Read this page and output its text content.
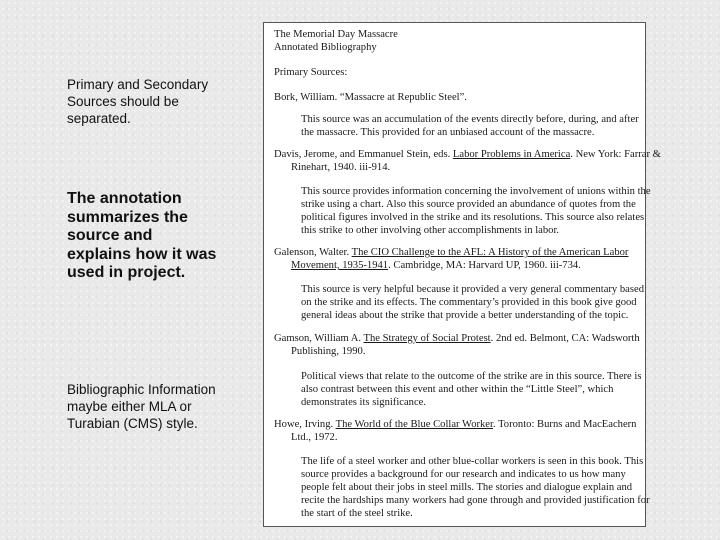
Primary and Secondary Sources should be separated.
The annotation summarizes the source and explains how it was used in project.
Bibliographic Information maybe either MLA or Turabian (CMS) style.
The Memorial Day Massacre
Annotated Bibliography
Primary Sources:
Bork, William. “Massacre at Republic Steel”.
This source was an accumulation of the events directly before, during, and after
the massacre. This provided for an unbiased account of the massacre.
Davis, Jerome, and Emmanuel Stein, eds. Labor Problems in America. New York: Farrar &
Rinehart, 1940. iii-914.
This source provides information concerning the involvement of unions within the
strike using a chart. Also this source provided an abundance of quotes from the
political figures involved in the strike and its resolutions. This source also relates
this strike to other involving other accomplishments in labor.
Galenson, Walter. The CIO Challenge to the AFL: A History of the American Labor
Movement, 1935-1941. Cambridge, MA: Harvard UP, 1960. iii-734.
This source is very helpful because it provided a very general commentary based
on the strike and its effects. The commentary’s provided in this book give good
general ideas about the strike that provide a better understanding of the topic.
Gamson, William A. The Strategy of Social Protest. 2nd ed. Belmont, CA: Wadsworth
Publishing, 1990.
Political views that relate to the outcome of the strike are in this source. There is
also contrast between this event and other within the “Little Steel”, which
demonstrates its significance.
Howe, Irving. The World of the Blue Collar Worker. Toronto: Burns and MacEachern
Ltd., 1972.
The life of a steel worker and other blue-collar workers is seen in this book. This
source provides a background for our research and indicates to us how many
people felt about their jobs in steel mills. The stories and dialogue explain and
recite the hardships many workers had gone through and provided justification for
the start of the steel strike.
